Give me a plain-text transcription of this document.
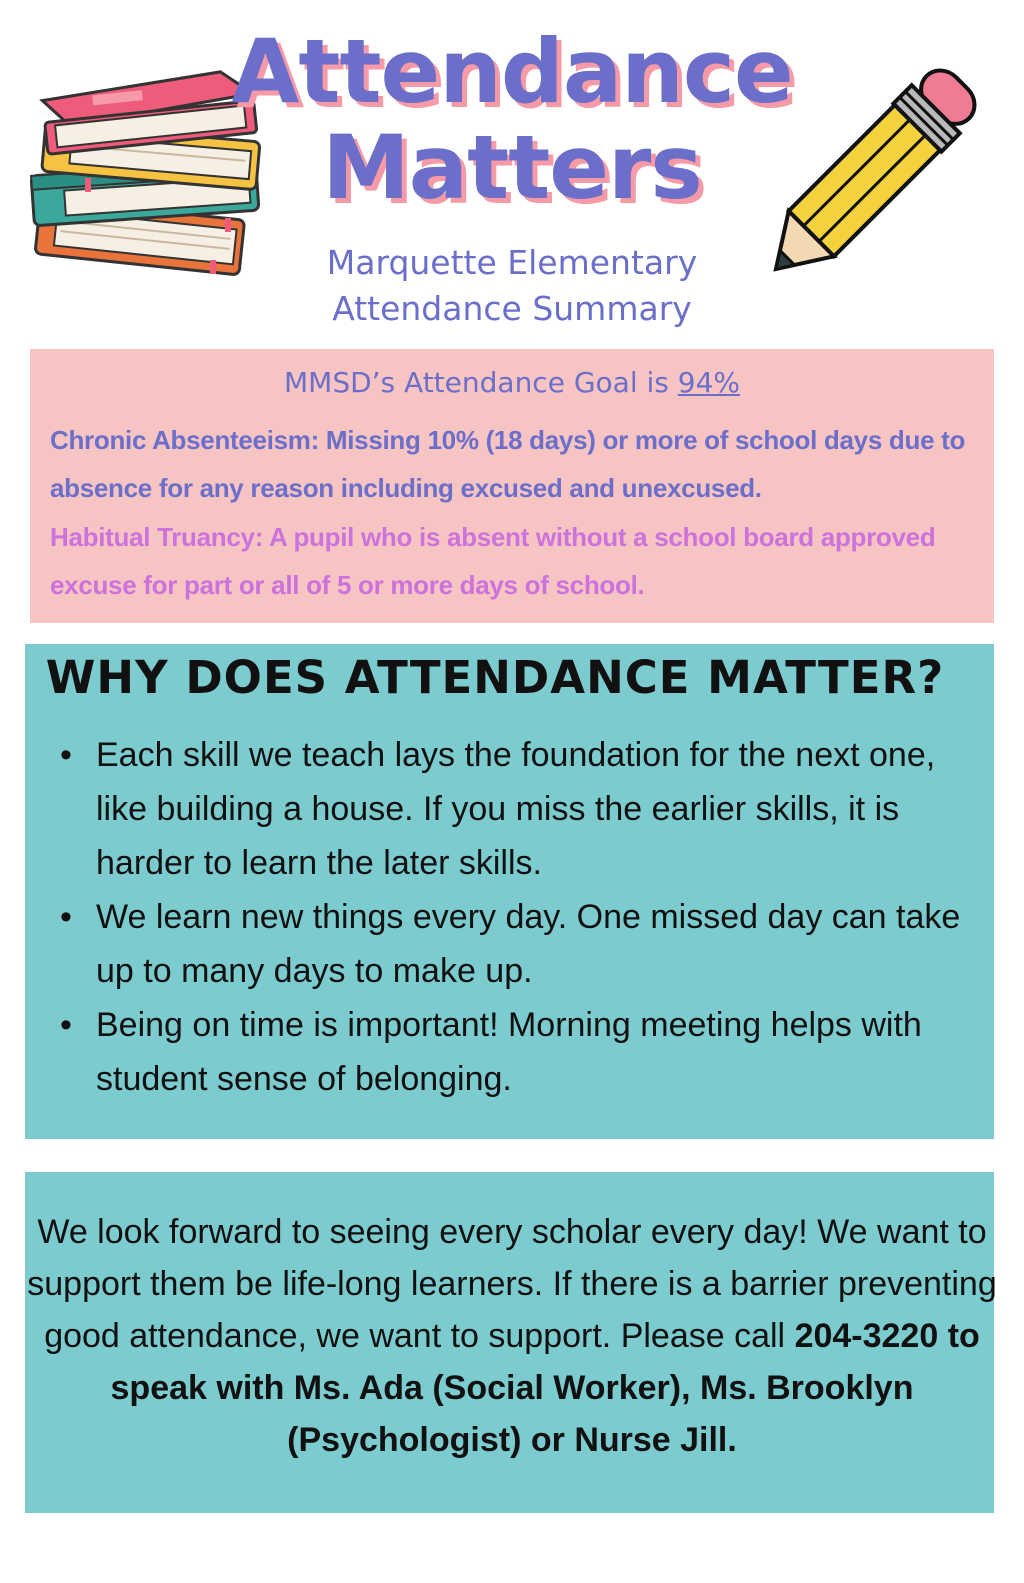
Attendance
Matters
Marquette Elementary
Attendance Summary
MMSD’s Attendance Goal is 94%
Chronic Absenteeism: Missing 10% (18 days) or more of school days due to absence for any reason including excused and unexcused.
Habitual Truancy: A pupil who is absent without a school board approved excuse for part or all of 5 or more days of school.
WHY DOES ATTENDANCE MATTER?
• Each skill we teach lays the foundation for the next one, like building a house. If you miss the earlier skills, it is harder to learn the later skills.
• We learn new things every day. One missed day can take up to many days to make up.
• Being on time is important! Morning meeting helps with student sense of belonging.
We look forward to seeing every scholar every day! We want to support them be life-long learners. If there is a barrier preventing good attendance, we want to support. Please call 204-3220 to speak with Ms. Ada (Social Worker), Ms. Brooklyn (Psychologist) or Nurse Jill.
